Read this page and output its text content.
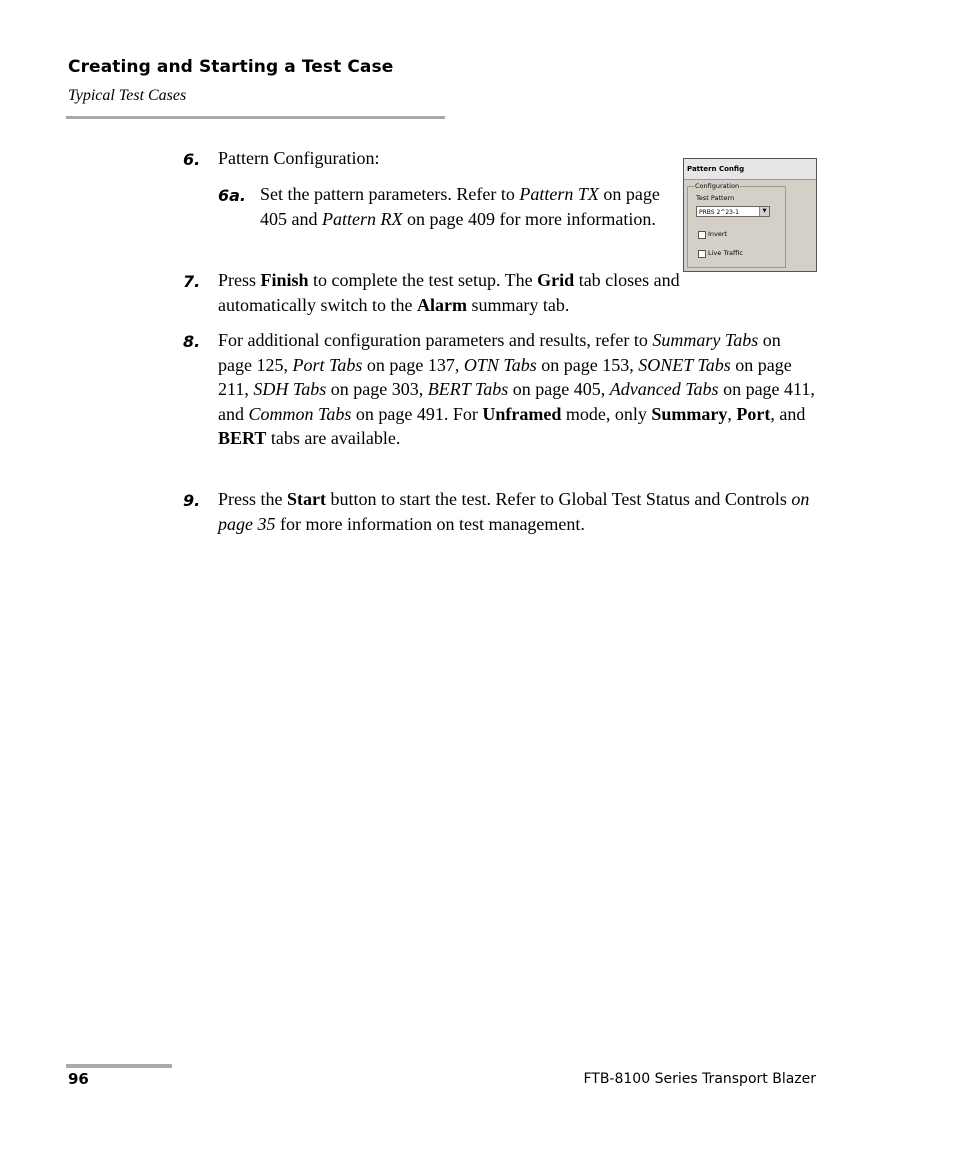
Creating and Starting a Test Case
Typical Test Cases
6. Pattern Configuration:
6a. Set the pattern parameters. Refer to Pattern TX on page 405 and Pattern RX on page 409 for more information.
Pattern Config
Configuration
Test Pattern
PRBS 2^23-1	▼
Invert
Live Traffic
7. Press Finish to complete the test setup. The Grid tab closes and automatically switch to the Alarm summary tab.
8. For additional configuration parameters and results, refer to Summary Tabs on page 125, Port Tabs on page 137, OTN Tabs on page 153, SONET Tabs on page 211, SDH Tabs on page 303, BERT Tabs on page 405, Advanced Tabs on page 411, and Common Tabs on page 491. For Unframed mode, only Summary, Port, and BERT tabs are available.
9. Press the Start button to start the test. Refer to Global Test Status and Controls on page 35 for more information on test management.
96	FTB-8100 Series Transport Blazer
